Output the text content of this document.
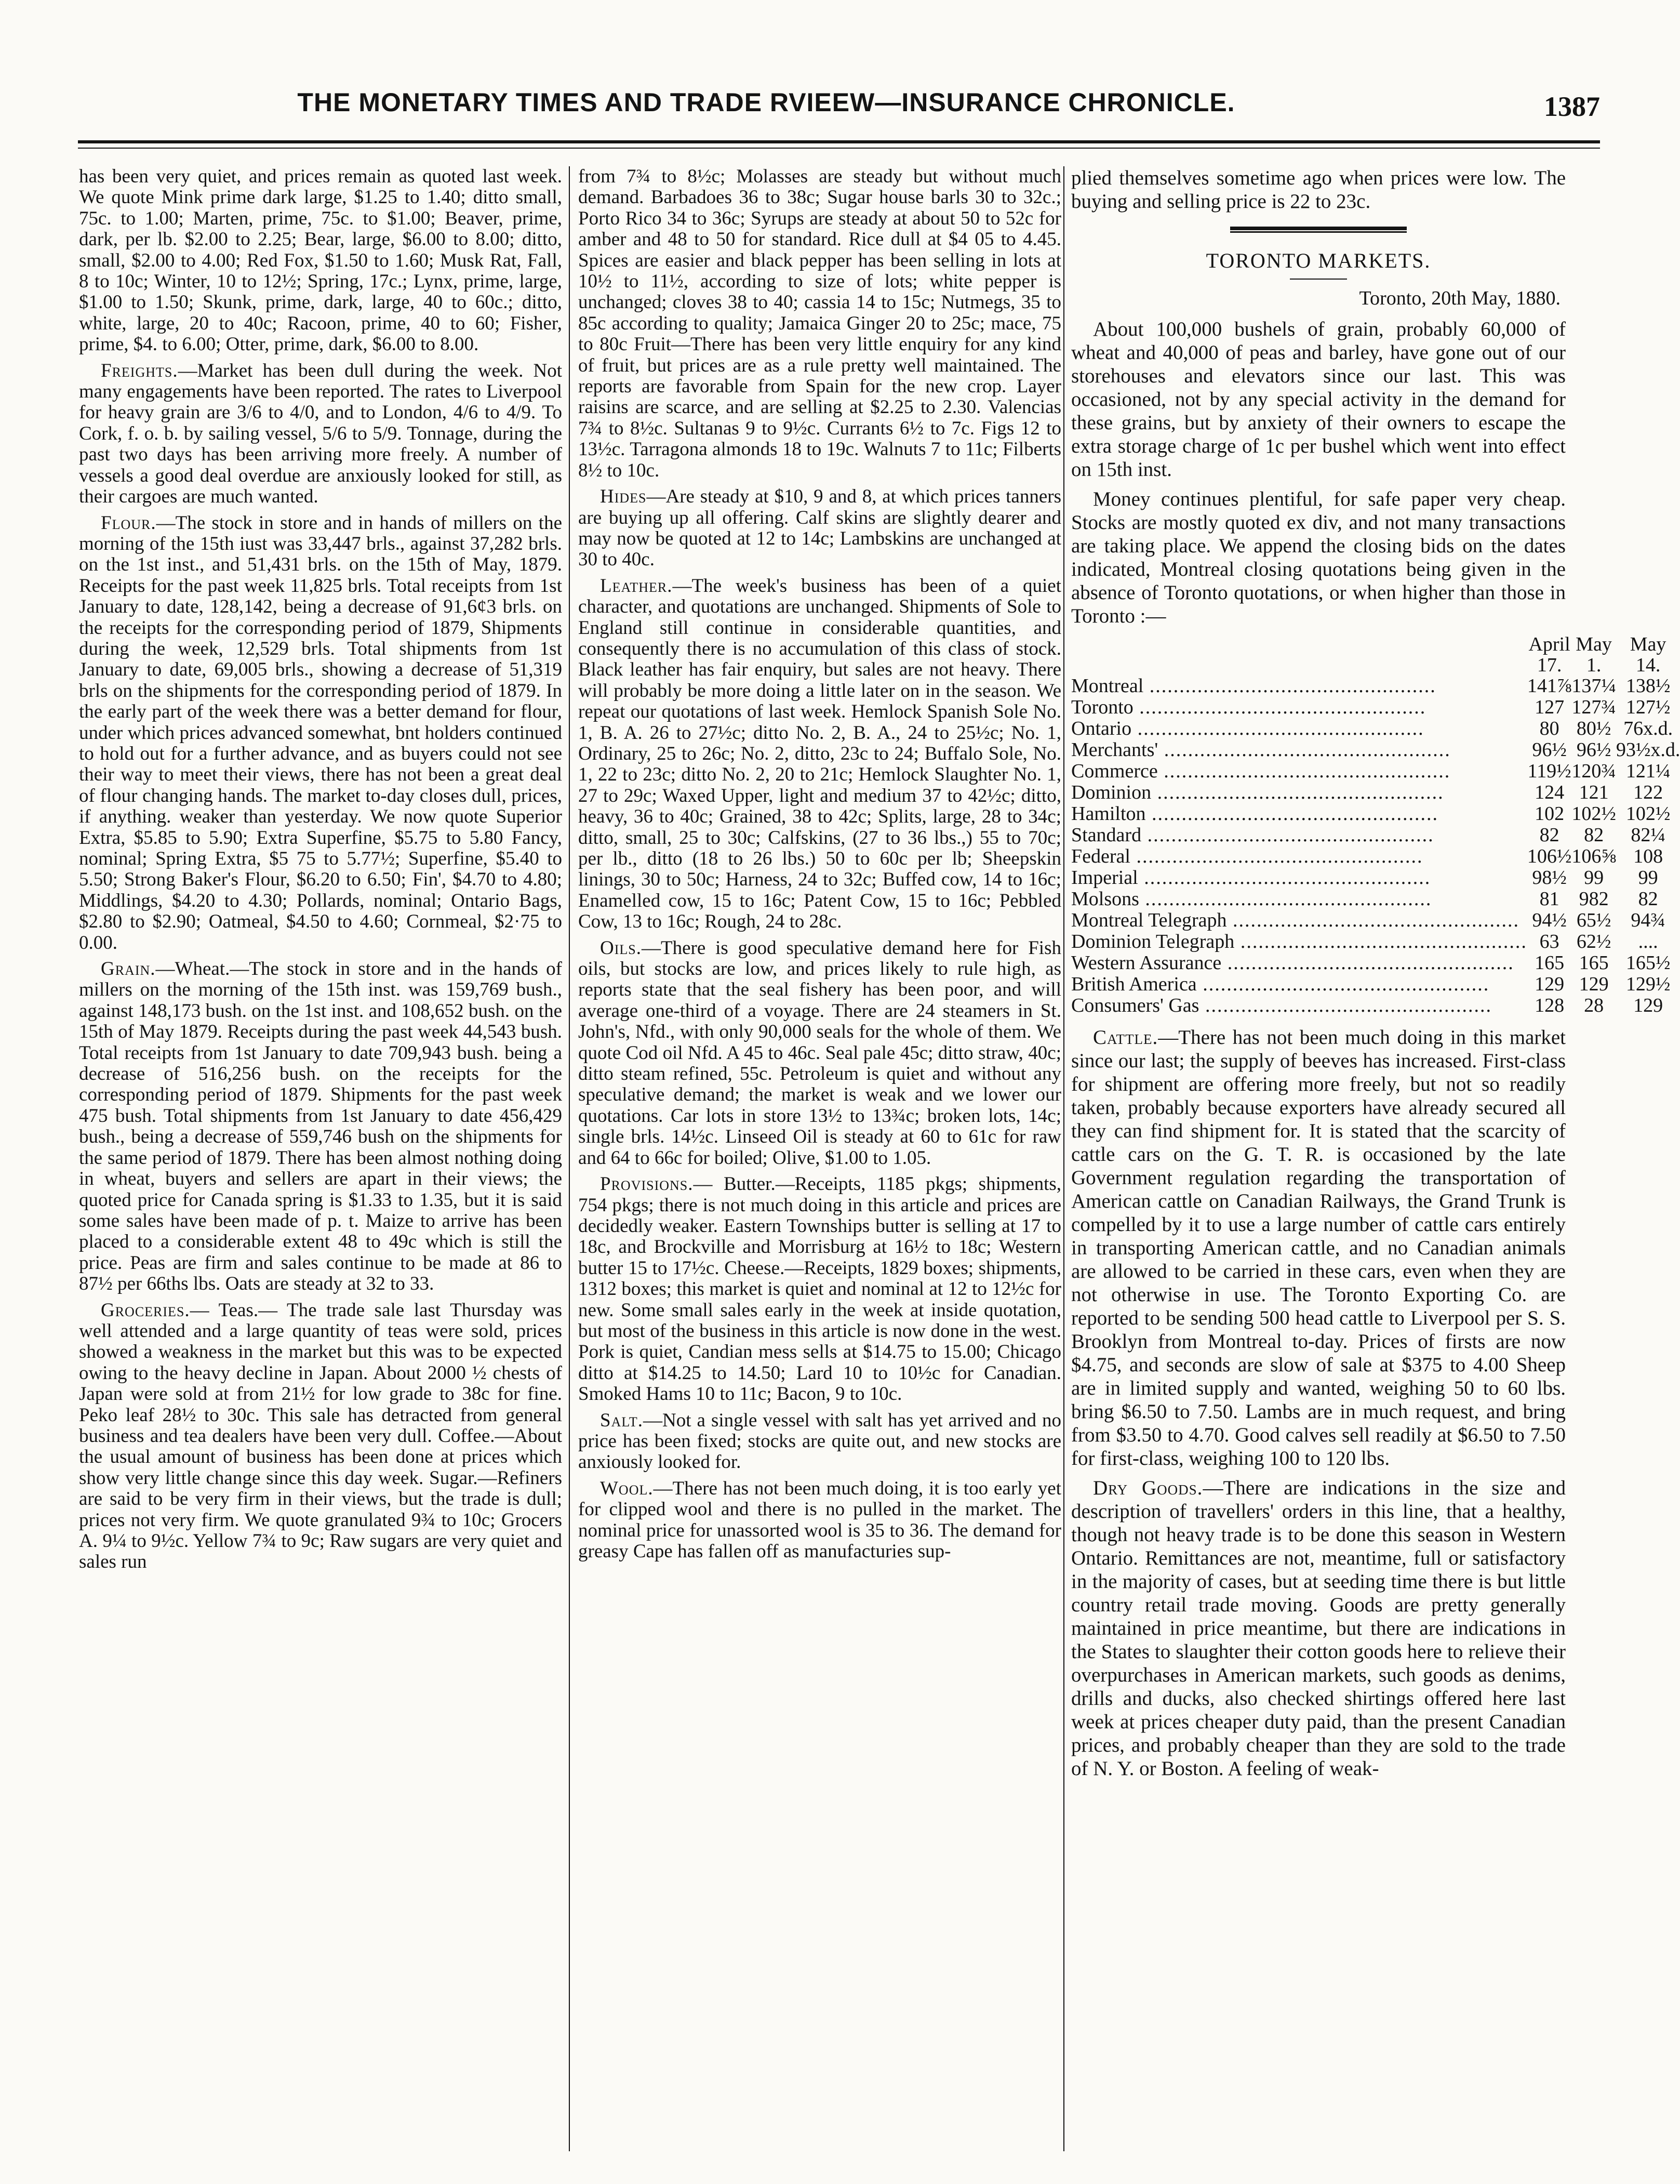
THE MONETARY TIMES AND TRADE RVIEEW—INSURANCE CHRONICLE.	1387

has been very quiet, and prices remain as quoted last week. We quote Mink prime dark large, $1.25 to 1.40; ditto small, 75c. to 1.00; Marten, prime, 75c. to $1.00; Beaver, prime, dark, per lb. $2.00 to 2.25; Bear, large, $6.00 to 8.00; ditto, small, $2.00 to 4.00; Red Fox, $1.50 to 1.60; Musk Rat, Fall, 8 to 10c; Winter, 10 to 12½; Spring, 17c.; Lynx, prime, large, $1.00 to 1.50; Skunk, prime, dark, large, 40 to 60c.; ditto, white, large, 20 to 40c; Racoon, prime, 40 to 60; Fisher, prime, $4. to 6.00; Otter, prime, dark, $6.00 to 8.00.

Freights.—Market has been dull during the week. Not many engagements have been reported. The rates to Liverpool for heavy grain are 3/6 to 4/0, and to London, 4/6 to 4/9. To Cork, f. o. b. by sailing vessel, 5/6 to 5/9. Tonnage, during the past two days has been arriving more freely. A number of vessels a good deal overdue are anxiously looked for still, as their cargoes are much wanted.

Flour.—The stock in store and in hands of millers on the morning of the 15th iust was 33,447 brls., against 37,282 brls. on the 1st inst., and 51,431 brls. on the 15th of May, 1879. Receipts for the past week 11,825 brls. Total receipts from 1st January to date, 128,142, being a decrease of 91,6¢3 brls. on the receipts for the corresponding period of 1879, Shipments during the week, 12,529 brls. Total shipments from 1st January to date, 69,005 brls., showing a decrease of 51,319 brls on the shipments for the corresponding period of 1879. In the early part of the week there was a better demand for flour, under which prices advanced somewhat, bnt holders continued to hold out for a further advance, and as buyers could not see their way to meet their views, there has not been a great deal of flour changing hands. The market to-day closes dull, prices, if anything. weaker than yesterday. We now quote Superior Extra, $5.85 to 5.90; Extra Superfine, $5.75 to 5.80 Fancy, nominal; Spring Extra, $5 75 to 5.77½; Superfine, $5.40 to 5.50; Strong Baker's Flour, $6.20 to 6.50; Fin', $4.70 to 4.80; Middlings, $4.20 to 4.30; Pollards, nominal; Ontario Bags, $2.80 to $2.90; Oatmeal, $4.50 to 4.60; Cornmeal, $2·75 to 0.00.

Grain.—Wheat.—The stock in store and in the hands of millers on the morning of the 15th inst. was 159,769 bush., against 148,173 bush. on the 1st inst. and 108,652 bush. on the 15th of May 1879. Receipts during the past week 44,543 bush. Total receipts from 1st January to date 709,943 bush. being a decrease of 516,256 bush. on the receipts for the corresponding period of 1879. Shipments for the past week 475 bush. Total shipments from 1st January to date 456,429 bush., being a decrease of 559,746 bush on the shipments for the same period of 1879. There has been almost nothing doing in wheat, buyers and sellers are apart in their views; the quoted price for Canada spring is $1.33 to 1.35, but it is said some sales have been made of p. t. Maize to arrive has been placed to a considerable extent 48 to 49c which is still the price. Peas are firm and sales continue to be made at 86 to 87½ per 66ths lbs. Oats are steady at 32 to 33.

Groceries.— Teas.— The trade sale last Thursday was well attended and a large quantity of teas were sold, prices showed a weakness in the market but this was to be expected owing to the heavy decline in Japan. About 2000 ½ chests of Japan were sold at from 21½ for low grade to 38c for fine. Peko leaf 28½ to 30c. This sale has detracted from general business and tea dealers have been very dull. Coffee.—About the usual amount of business has been done at prices which show very little change since this day week. Sugar.—Refiners are said to be very firm in their views, but the trade is dull; prices not very firm. We quote granulated 9¾ to 10c; Grocers A. 9¼ to 9½c. Yellow 7¾ to 9c; Raw sugars are very quiet and sales run

from 7¾ to 8½c; Molasses are steady but without much demand. Barbadoes 36 to 38c; Sugar house barls 30 to 32c.; Porto Rico 34 to 36c; Syrups are steady at about 50 to 52c for amber and 48 to 50 for standard. Rice dull at $4 05 to 4.45. Spices are easier and black pepper has been selling in lots at 10½ to 11½, according to size of lots; white pepper is unchanged; cloves 38 to 40; cassia 14 to 15c; Nutmegs, 35 to 85c according to quality; Jamaica Ginger 20 to 25c; mace, 75 to 80c Fruit—There has been very little enquiry for any kind of fruit, but prices are as a rule pretty well maintained. The reports are favorable from Spain for the new crop. Layer raisins are scarce, and are selling at $2.25 to 2.30. Valencias 7¾ to 8½c. Sultanas 9 to 9½c. Currants 6½ to 7c. Figs 12 to 13½c. Tarragona almonds 18 to 19c. Walnuts 7 to 11c; Filberts 8½ to 10c.

Hides—Are steady at $10, 9 and 8, at which prices tanners are buying up all offering. Calf skins are slightly dearer and may now be quoted at 12 to 14c; Lambskins are unchanged at 30 to 40c.

Leather.—The week's business has been of a quiet character, and quotations are unchanged. Shipments of Sole to England still continue in considerable quantities, and consequently there is no accumulation of this class of stock. Black leather has fair enquiry, but sales are not heavy. There will probably be more doing a little later on in the season. We repeat our quotations of last week. Hemlock Spanish Sole No. 1, B. A. 26 to 27½c; ditto No. 2, B. A., 24 to 25½c; No. 1, Ordinary, 25 to 26c; No. 2, ditto, 23c to 24; Buffalo Sole, No. 1, 22 to 23c; ditto No. 2, 20 to 21c; Hemlock Slaughter No. 1, 27 to 29c; Waxed Upper, light and medium 37 to 42½c; ditto, heavy, 36 to 40c; Grained, 38 to 42c; Splits, large, 28 to 34c; ditto, small, 25 to 30c; Calfskins, (27 to 36 lbs.,) 55 to 70c; per lb., ditto (18 to 26 lbs.) 50 to 60c per lb; Sheepskin linings, 30 to 50c; Harness, 24 to 32c; Buffed cow, 14 to 16c; Enamelled cow, 15 to 16c; Patent Cow, 15 to 16c; Pebbled Cow, 13 to 16c; Rough, 24 to 28c.

Oils.—There is good speculative demand here for Fish oils, but stocks are low, and prices likely to rule high, as reports state that the seal fishery has been poor, and will average one-third of a voyage. There are 24 steamers in St. John's, Nfd., with only 90,000 seals for the whole of them. We quote Cod oil Nfd. A 45 to 46c. Seal pale 45c; ditto straw, 40c; ditto steam refined, 55c. Petroleum is quiet and without any speculative demand; the market is weak and we lower our quotations. Car lots in store 13½ to 13¾c; broken lots, 14c; single brls. 14½c. Linseed Oil is steady at 60 to 61c for raw and 64 to 66c for boiled; Olive, $1.00 to 1.05.

Provisions.— Butter.—Receipts, 1185 pkgs; shipments, 754 pkgs; there is not much doing in this article and prices are decidedly weaker. Eastern Townships butter is selling at 17 to 18c, and Brockville and Morrisburg at 16½ to 18c; Western butter 15 to 17½c. Cheese.—Receipts, 1829 boxes; shipments, 1312 boxes; this market is quiet and nominal at 12 to 12½c for new. Some small sales early in the week at inside quotation, but most of the business in this article is now done in the west. Pork is quiet, Candian mess sells at $14.75 to 15.00; Chicago ditto at $14.25 to 14.50; Lard 10 to 10½c for Canadian. Smoked Hams 10 to 11c; Bacon, 9 to 10c.

Salt.—Not a single vessel with salt has yet arrived and no price has been fixed; stocks are quite out, and new stocks are anxiously looked for.

Wool.—There has not been much doing, it is too early yet for clipped wool and there is no pulled in the market. The nominal price for unassorted wool is 35 to 36. The demand for greasy Cape has fallen off as manufacturies sup-

plied themselves sometime ago when prices were low. The buying and selling price is 22 to 23c.

TORONTO MARKETS.
Toronto, 20th May, 1880.

About 100,000 bushels of grain, probably 60,000 of wheat and 40,000 of peas and barley, have gone out of our storehouses and elevators since our last. This was occasioned, not by any special activity in the demand for these grains, but by anxiety of their owners to escape the extra storage charge of 1c per bushel which went into effect on 15th inst.

Money continues plentiful, for safe paper very cheap. Stocks are mostly quoted ex div, and not many transactions are taking place. We append the closing bids on the dates indicated, Montreal closing quotations being given in the absence of Toronto quotations, or when higher than those in Toronto :—

	April	May	May
	17.	1.	14.
Montreal .....	141⅞	137¼	138½
Toronto .....	127	127¾	127½
Ontario .....	80	80½	76x.d.
Merchants' .....	96½	96½	93½x.d.
Commerce .....	119½	120¾	121¼
Dominion .....	124	121	122
Hamilton .....	102	102½	102½
Standard .....	82	82	82¼
Federal .....	106½	106⅝	108
Imperial .....	98½	99	99
Molsons .....	81	982	82
Montreal Telegraph .....	94½	65½	94¾
Dominion Telegraph .....	63	62½	....
Western Assurance .....	165	165	165½
British America .....	129	129	129½
Consumers' Gas .....	128	28	129

Cattle.—There has not been much doing in this market since our last; the supply of beeves has increased. First-class for shipment are offering more freely, but not so readily taken, probably because exporters have already secured all they can find shipment for. It is stated that the scarcity of cattle cars on the G. T. R. is occasioned by the late Government regulation regarding the transportation of American cattle on Canadian Railways, the Grand Trunk is compelled by it to use a large number of cattle cars entirely in transporting American cattle, and no Canadian animals are allowed to be carried in these cars, even when they are not otherwise in use. The Toronto Exporting Co. are reported to be sending 500 head cattle to Liverpool per S. S. Brooklyn from Montreal to-day. Prices of firsts are now $4.75, and seconds are slow of sale at $375 to 4.00 Sheep are in limited supply and wanted, weighing 50 to 60 lbs. bring $6.50 to 7.50. Lambs are in much request, and bring from $3.50 to 4.70. Good calves sell readily at $6.50 to 7.50 for first-class, weighing 100 to 120 lbs.

Dry Goods.—There are indications in the size and description of travellers' orders in this line, that a healthy, though not heavy trade is to be done this season in Western Ontario. Remittances are not, meantime, full or satisfactory in the majority of cases, but at seeding time there is but little country retail trade moving. Goods are pretty generally maintained in price meantime, but there are indications in the States to slaughter their cotton goods here to relieve their overpurchases in American markets, such goods as denims, drills and ducks, also checked shirtings offered here last week at prices cheaper duty paid, than the present Canadian prices, and probably cheaper than they are sold to the trade of N. Y. or Boston. A feeling of weak-
